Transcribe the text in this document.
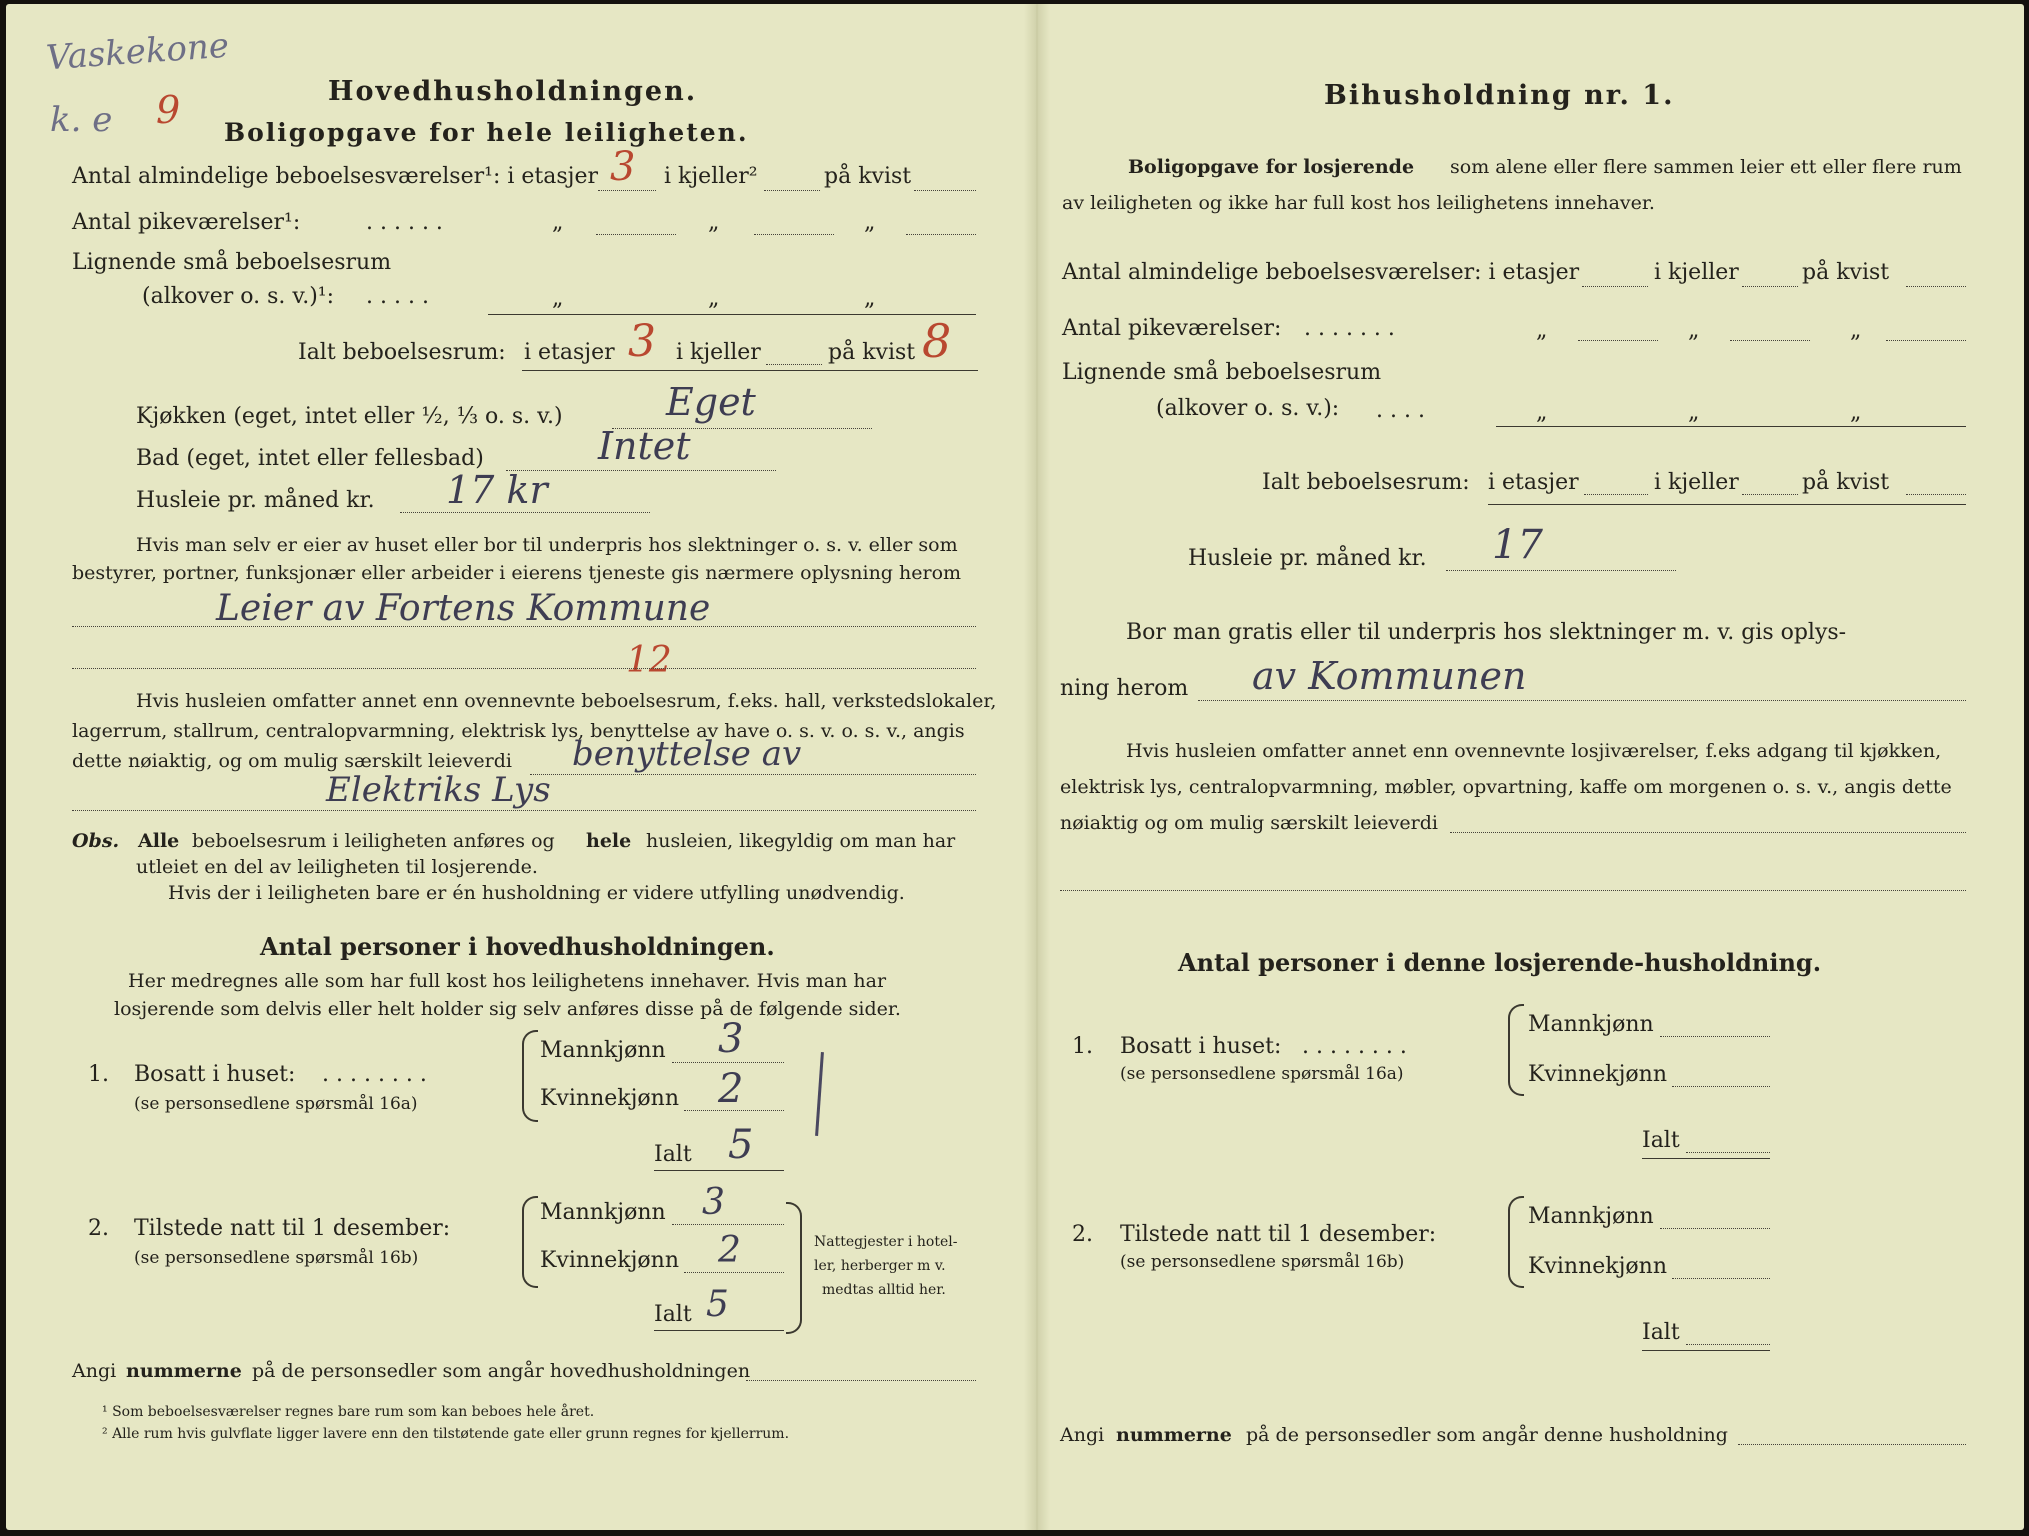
Vaskekone
k. e 9	Hovedhusholdningen.
Boligopgave for hele leiligheten.
Antal almindelige beboelsesværelser¹: i etasjer 3 i kjeller²	på kvist
Antal pikeværelser¹:	. . . . . .	„	„	„
Lignende små beboelsesrum
(alkover o. s. v.)¹: . . . . .	„	„	„
Ialt beboelsesrum: i etasjer 3 i kjeller	på kvist 8
Kjøkken (eget, intet eller ½, ⅓ o. s. v.)	Eget
Bad (eget, intet eller fellesbad)	Intet
Husleie pr. måned kr. 17 kr
Hvis man selv er eier av huset eller bor til underpris hos slektninger o. s. v. eller som
bestyrer, portner, funksjonær eller arbeider i eierens tjeneste gis nærmere oplysning herom
Leier av Fortens Kommune
12
Hvis husleien omfatter annet enn ovennevnte beboelsesrum, f.eks. hall, verkstedslokaler,
lagerrum, stallrum, centralopvarmning, elektrisk lys, benyttelse av have o. s. v. o. s. v., angis
dette nøiaktig, og om mulig særskilt leieverdi benyttelse av
Elektriks Lys
Obs. Alle beboelsesrum i leiligheten anføres og hele husleien, likegyldig om man har
utleiet en del av leiligheten til losjerende.
Hvis der i leiligheten bare er én husholdning er videre utfylling unødvendig.
Antal personer i hovedhusholdningen.
Her medregnes alle som har full kost hos leilighetens innehaver. Hvis man har
losjerende som delvis eller helt holder sig selv anføres disse på de følgende sider.
1. Bosatt i huset: . . . . . . . .
(se personsedlene spørsmål 16a)
Mannkjønn 3
Kvinnekjønn 2
Ialt 5
2. Tilstede natt til 1 desember:
(se personsedlene spørsmål 16b)
Mannkjønn 3
Kvinnekjønn 2
Ialt 5
Nattegjester i hotel-
ler, herberger m v.
medtas alltid her.
Angi nummerne på de personsedler som angår hovedhusholdningen
¹ Som beboelsesværelser regnes bare rum som kan beboes hele året.
² Alle rum hvis gulvflate ligger lavere enn den tilstøtende gate eller grunn regnes for kjellerrum.
Bihusholdning nr. 1.
Boligopgave for losjerende som alene eller flere sammen leier ett eller flere rum
av leiligheten og ikke har full kost hos leilighetens innehaver.
Antal almindelige beboelsesværelser: i etasjer	i kjeller	på kvist
Antal pikeværelser: . . . . . . .	„	„	„
Lignende små beboelsesrum
(alkover o. s. v.): . . . .	„	„	„
Ialt beboelsesrum: i etasjer	i kjeller	på kvist
Husleie pr. måned kr. 17
Bor man gratis eller til underpris hos slektninger m. v. gis oplys-
ning herom av Kommunen
Hvis husleien omfatter annet enn ovennevnte losjiværelser, f.eks adgang til kjøkken,
elektrisk lys, centralopvarmning, møbler, opvartning, kaffe om morgenen o. s. v., angis dette
nøiaktig og om mulig særskilt leieverdi
Antal personer i denne losjerende-husholdning.
1. Bosatt i huset: . . . . . . . .
(se personsedlene spørsmål 16a)
Mannkjønn
Kvinnekjønn
Ialt
2. Tilstede natt til 1 desember:
(se personsedlene spørsmål 16b)
Mannkjønn
Kvinnekjønn
Ialt
Angi nummerne på de personsedler som angår denne husholdning
